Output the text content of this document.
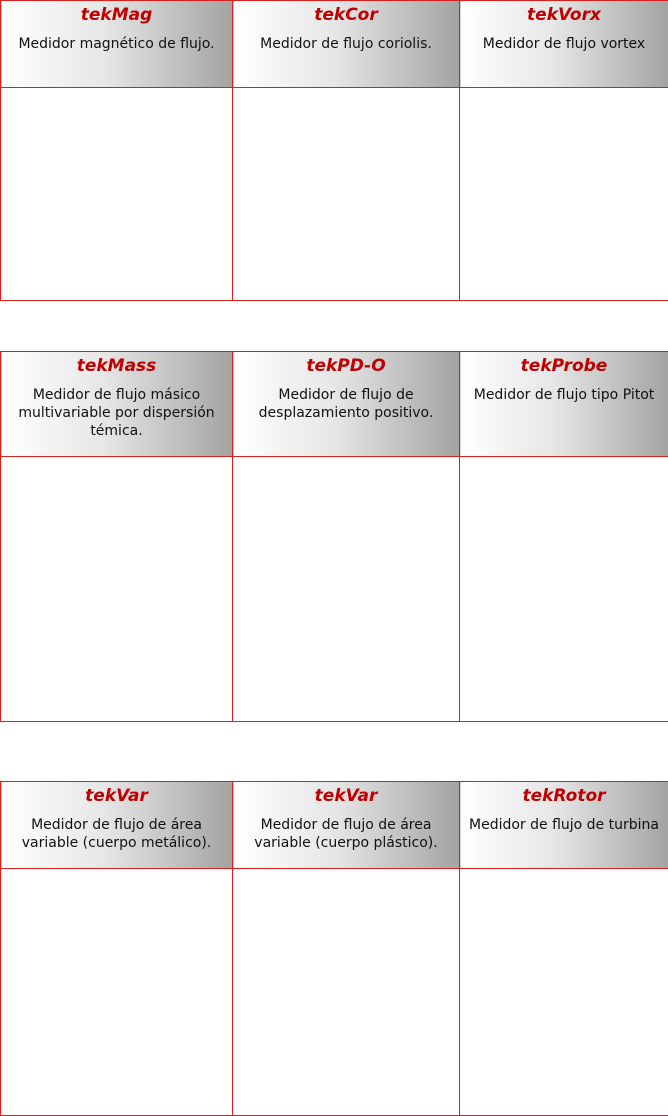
tekMag
Medidor magnético de flujo.	tekCor
Medidor de flujo coriolis.	tekVorx
Medidor de flujo vortex

tekMass
Medidor de flujo másico multivariable por dispersión témica.	tekPD-O
Medidor de flujo de desplazamiento positivo.	tekProbe
Medidor de flujo tipo Pitot

tekVar
Medidor de flujo de área variable (cuerpo metálico).	tekVar
Medidor de flujo de área variable (cuerpo plástico).	tekRotor
Medidor de flujo de turbina
